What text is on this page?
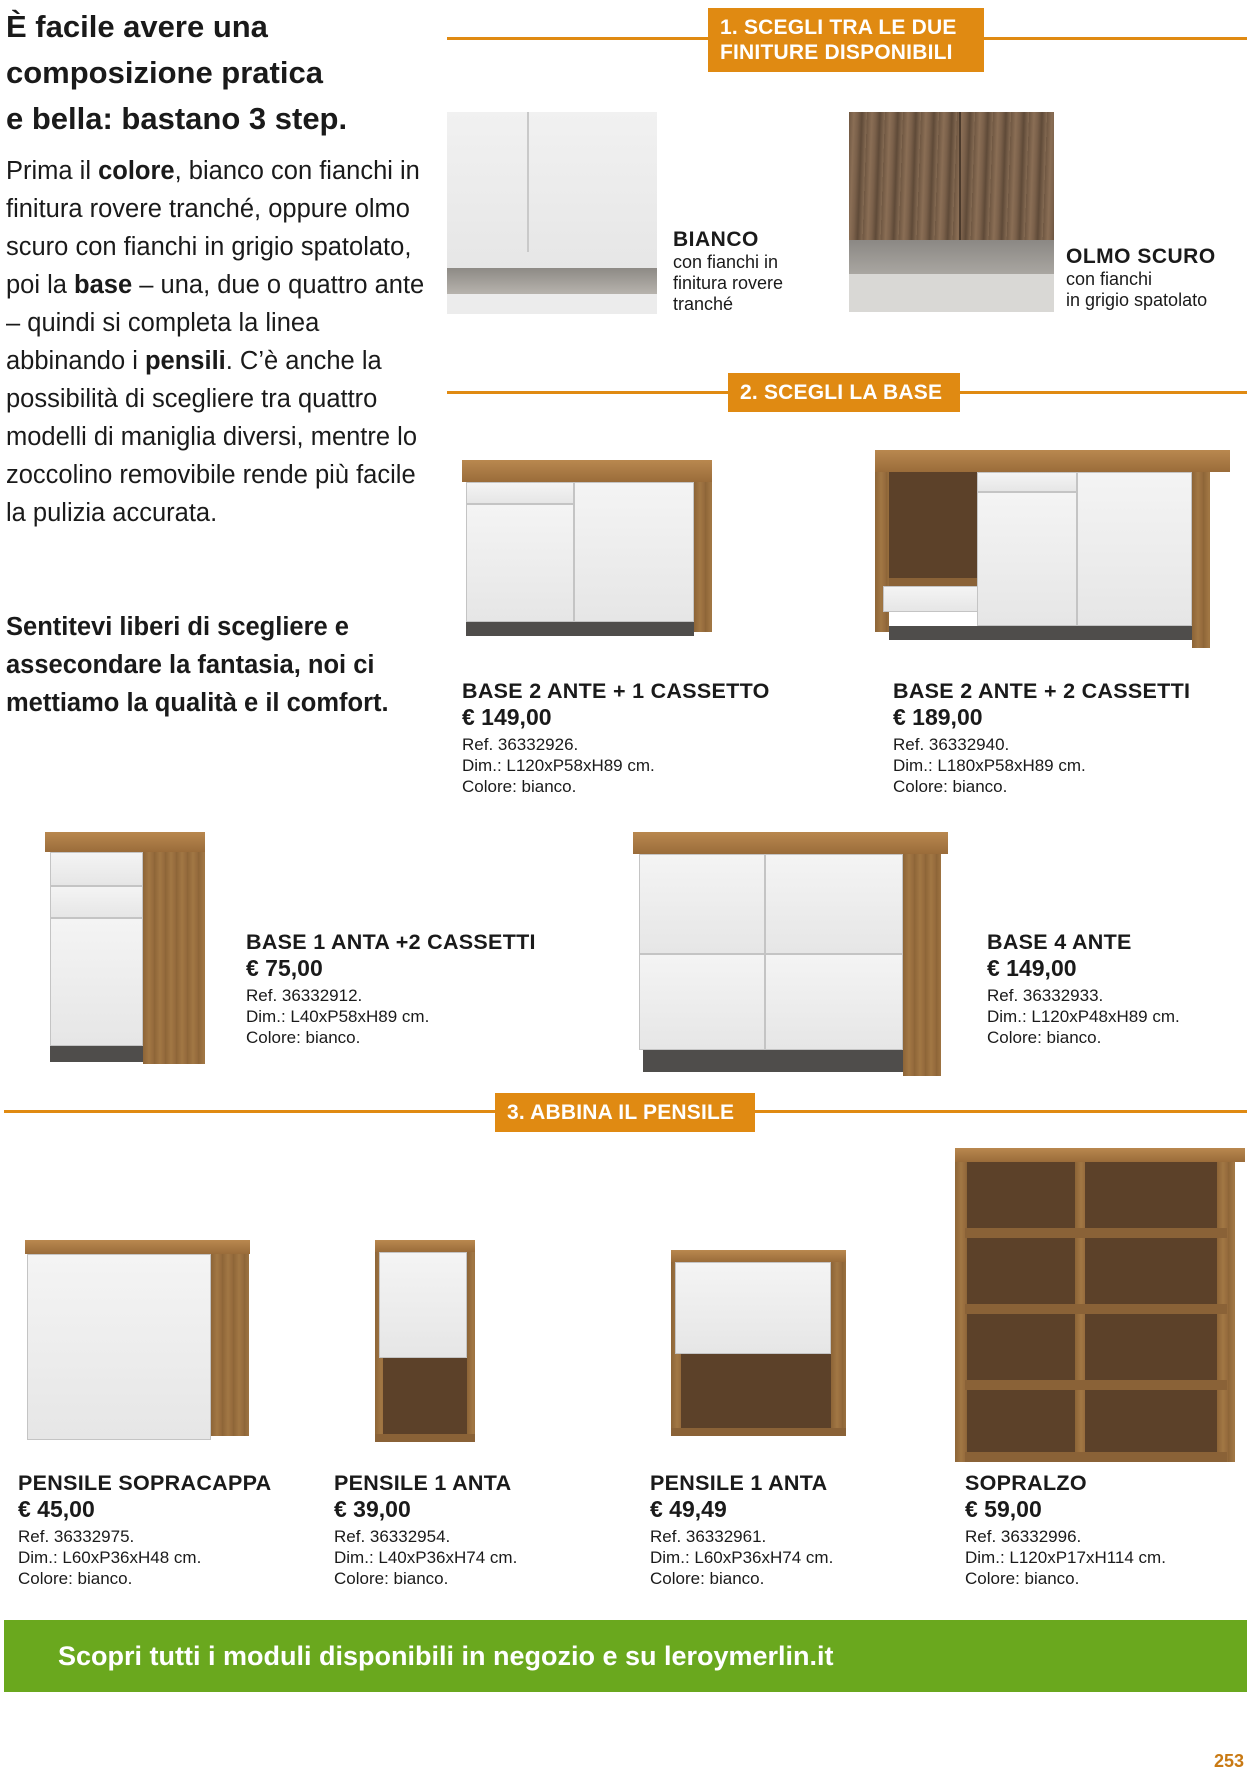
È facile avere una
composizione pratica
e bella: bastano 3 step.

Prima il colore, bianco con fianchi in finitura rovere tranché, oppure olmo scuro con fianchi in grigio spatolato, poi la base – una, due o quattro ante – quindi si completa la linea abbinando i pensili. C’è anche la possibilità di scegliere tra quattro modelli di maniglia diversi, mentre lo zoccolino removibile rende più facile la pulizia accurata.

Sentitevi liberi di scegliere e assecondare la fantasia, noi ci mettiamo la qualità e il comfort.

1. SCEGLI TRA LE DUE
FINITURE DISPONIBILI
BIANCO
con fianchi in
finitura rovere
tranché
OLMO SCURO
con fianchi
in grigio spatolato
2. SCEGLI LA BASE
BASE 2 ANTE + 1 CASSETTO
€ 149,00
Ref. 36332926.
Dim.: L120xP58xH89 cm.
Colore: bianco.
BASE 2 ANTE + 2 CASSETTI
€ 189,00
Ref. 36332940.
Dim.: L180xP58xH89 cm.
Colore: bianco.
BASE 1 ANTA +2 CASSETTI
€ 75,00
Ref. 36332912.
Dim.: L40xP58xH89 cm.
Colore: bianco.
BASE 4 ANTE
€ 149,00
Ref. 36332933.
Dim.: L120xP48xH89 cm.
Colore: bianco.
3. ABBINA IL PENSILE
PENSILE SOPRACAPPA
€ 45,00
Ref. 36332975.
Dim.: L60xP36xH48 cm.
Colore: bianco.
PENSILE 1 ANTA
€ 39,00
Ref. 36332954.
Dim.: L40xP36xH74 cm.
Colore: bianco.
PENSILE 1 ANTA
€ 49,49
Ref. 36332961.
Dim.: L60xP36xH74 cm.
Colore: bianco.
SOPRALZO
€ 59,00
Ref. 36332996.
Dim.: L120xP17xH114 cm.
Colore: bianco.
Scopri tutti i moduli disponibili in negozio e su leroymerlin.it
253
